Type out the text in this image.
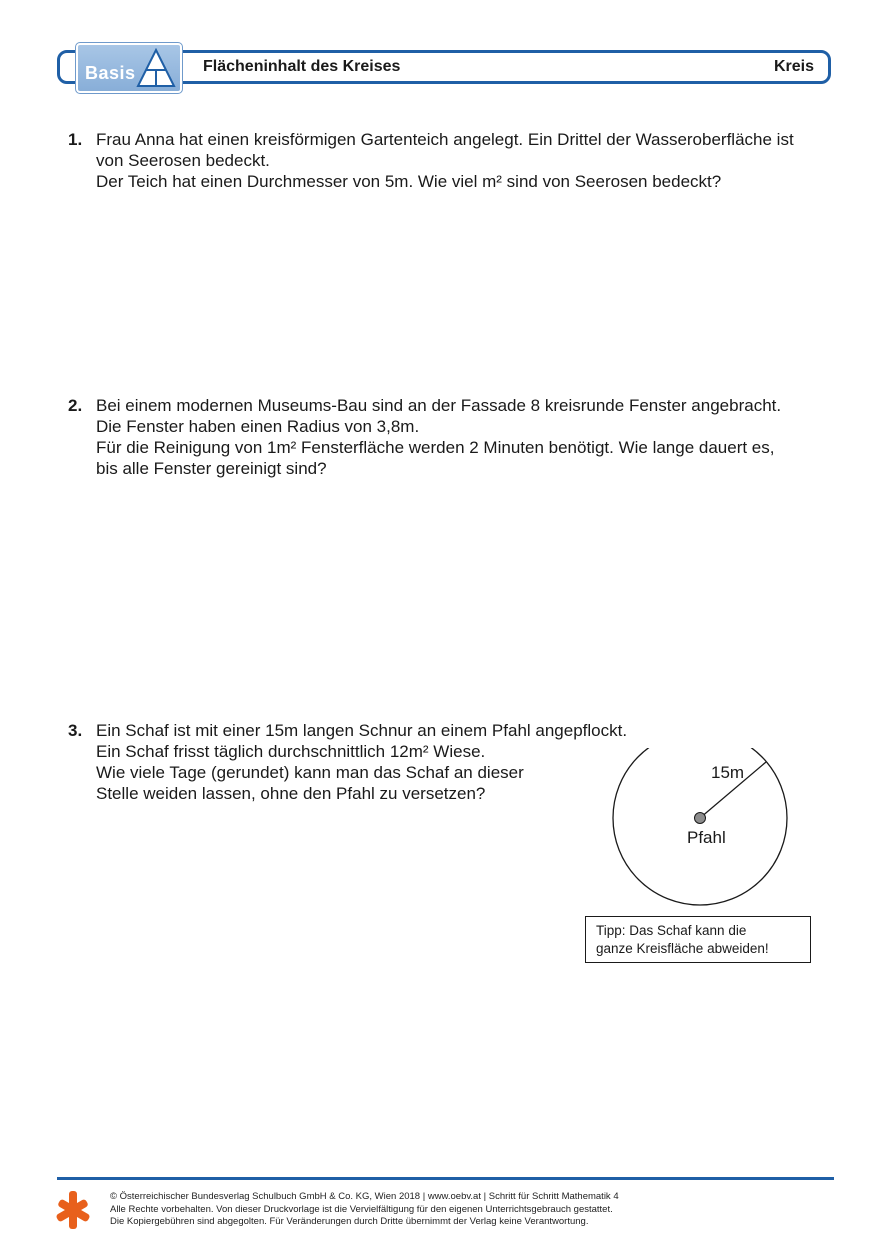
Basis	Flächeninhalt des Kreises	Kreis
1. Frau Anna hat einen kreisförmigen Gartenteich angelegt. Ein Drittel der Wasseroberfläche ist
von Seerosen bedeckt.
Der Teich hat einen Durchmesser von 5m. Wie viel m² sind von Seerosen bedeckt?
2. Bei einem modernen Museums-Bau sind an der Fassade 8 kreisrunde Fenster angebracht.
Die Fenster haben einen Radius von 3,8m.
Für die Reinigung von 1m² Fensterfläche werden 2 Minuten benötigt. Wie lange dauert es,
bis alle Fenster gereinigt sind?
3. Ein Schaf ist mit einer 15m langen Schnur an einem Pfahl angepflockt.
Ein Schaf frisst täglich durchschnittlich 12m² Wiese.
Wie viele Tage (gerundet) kann man das Schaf an dieser
Stelle weiden lassen, ohne den Pfahl zu versetzen?
15m
Pfahl
Tipp: Das Schaf kann die
ganze Kreisfläche abweiden!
© Österreichischer Bundesverlag Schulbuch GmbH & Co. KG, Wien 2018 | www.oebv.at | Schritt für Schritt Mathematik 4
Alle Rechte vorbehalten. Von dieser Druckvorlage ist die Vervielfältigung für den eigenen Unterrichtsgebrauch gestattet.
Die Kopiergebühren sind abgegolten. Für Veränderungen durch Dritte übernimmt der Verlag keine Verantwortung.
